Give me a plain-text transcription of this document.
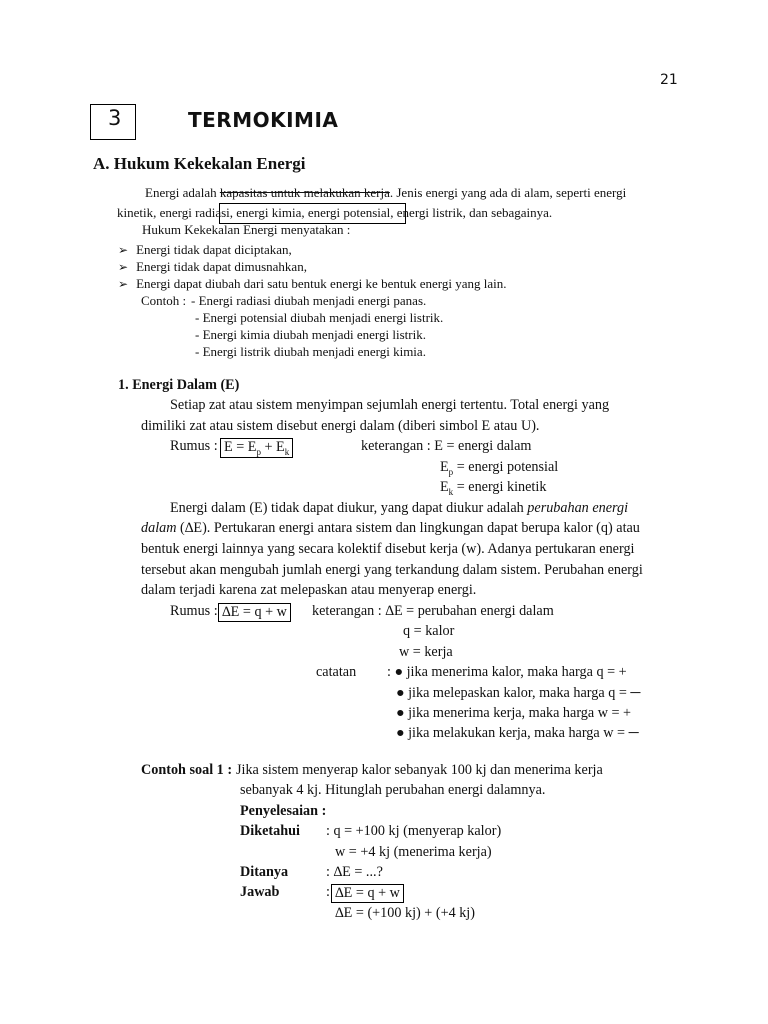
21
3	TERMOKIMIA
A. Hukum Kekekalan Energi
Energi adalah kapasitas untuk melakukan kerja. Jenis energi yang ada di alam, seperti energi
kinetik, energi radiasi, energi kimia, energi potensial, energi listrik, dan sebagainya.
Hukum Kekekalan Energi menyatakan :
➢ Energi tidak dapat diciptakan,
➢ Energi tidak dapat dimusnahkan,
➢ Energi dapat diubah dari satu bentuk energi ke bentuk energi yang lain.
Contoh : - Energi radiasi diubah menjadi energi panas.
- Energi potensial diubah menjadi energi listrik.
- Energi kimia diubah menjadi energi listrik.
- Energi listrik diubah menjadi energi kimia.
1. Energi Dalam (E)
Setiap zat atau sistem menyimpan sejumlah energi tertentu. Total energi yang
dimiliki zat atau sistem disebut energi dalam (diberi simbol E atau U).
Rumus : $E = E_p + E_k$	keterangan : E = energi dalam
$E_p$ = energi potensial
$E_k$ = energi kinetik
Energi dalam (E) tidak dapat diukur, yang dapat diukur adalah perubahan energi
dalam (∆E). Pertukaran energi antara sistem dan lingkungan dapat berupa kalor (q) atau
bentuk energi lainnya yang secara kolektif disebut kerja (w). Adanya pertukaran energi
tersebut akan mengubah jumlah energi yang terkandung dalam sistem. Perubahan energi
dalam terjadi karena zat melepaskan atau menyerap energi.
Rumus : ∆E = q + w keterangan : ∆E = perubahan energi dalam
q = kalor
w = kerja
catatan : ● jika menerima kalor, maka harga q = +
● jika melepaskan kalor, maka harga q = ─
● jika menerima kerja, maka harga w = +
● jika melakukan kerja, maka harga w = ─
Contoh soal 1 : Jika sistem menyerap kalor sebanyak 100 kj dan menerima kerja
sebanyak 4 kj. Hitunglah perubahan energi dalamnya.
Penyelesaian :
Diketahui : q = +100 kj (menyerap kalor)
w = +4 kj (menerima kerja)
Ditanya	: ∆E = ...?
Jawab	: ∆E = q + w
∆E = (+100 kj) + (+4 kj)
